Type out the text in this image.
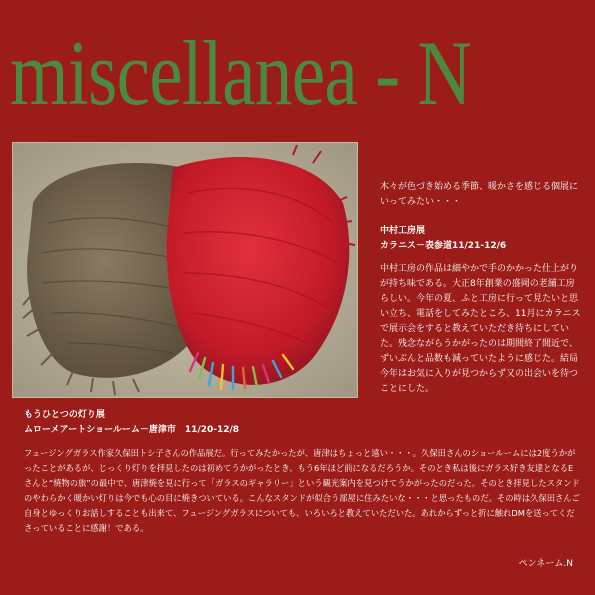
miscellanea - N

木々が色づき始める季節、暖かさを感じる個展にいってみたい・・・

中村工房展

カラニス－表参道11/21-12/6

中村工房の作品は細やかで手のかかった仕上がりが持ち味である。大正8年創業の盛岡の老舗工房らしい。今年の夏、ふと工房に行って見たいと思い立ち、電話をしてみたところ、11月にカラニスで展示会をすると教えていただき待ちにしていた。残念ながらうかがったのは期間終了間近で、ずいぶんと品数も減っていたように感じた。結局今年はお気に入りが見つからず又の出会いを待つことにした。

もうひとつの灯り展

ムローメアートショールーム－唐津市　11/20-12/8

フュージングガラス作家久保田トシ子さんの作品展だ。行ってみたかったが、唐津はちょっと遠い・・・。久保田さんのショールームには2度うかがったことがあるが、じっくり灯りを拝見したのは初めてうかがったとき、もう6年ほど前になるだろうか。そのとき私は後にガラス好き友達となるEさんと“焼物の旅”の最中で、唐津焼を見に行って「ガラスのギャラリー」という観光案内を見つけてうかがったのだった。そのとき拝見したスタンドのやわらかく暖かい灯りは今でも心の目に焼きついている。こんなスタンドが似合う部屋に住みたいな・・・と思ったものだ。その時は久保田さんご自身とゆっくりお話しすることも出来て、フュージングガラスについても、いろいろと教えていただいた。あれからずっと折に触れDMを送ってくださっていることに感謝！である。

ペンネーム.N
